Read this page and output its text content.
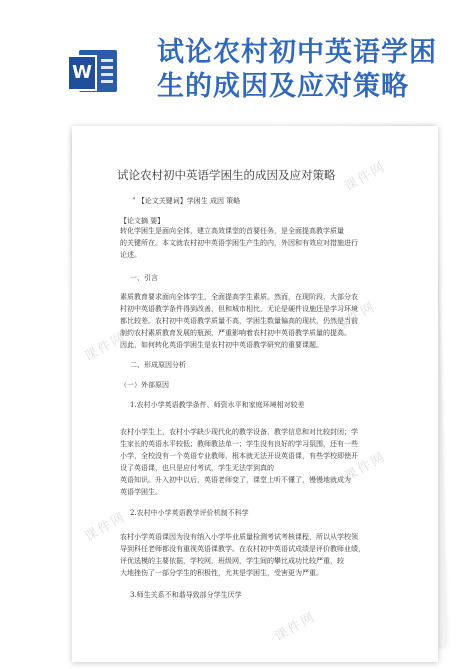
W
试论农村初中英语学困生的成因及应对策略
试论农村初中英语学困生的成因及应对策略
” 【论文关键词】学困生 成因 策略
【论文摘 要】
转化学困生是面向全体，建立高效课堂的首要任务，是全面提高教学质量
的关键所在。本文就农村初中英语学困生产生的内，外因和有效应对措施进行
论述。
一、引言
素质教育要求面向全体学生，全面提高学生素质。然而，在现阶段，大部分农
村初中英语教学条件得到改善，但和城市相比，无论是硬件设施还是学习环境
都比较差。农村初中英语教学质量不高，学困生数量偏高的现状，仍然是当前
制约农村素质教育发展的瓶颈，严重影响着农村初中英语教学质量的提高。
因此，如何转化英语学困生是农村初中英语教学研究的重要课题。
二、形成原因分析
（一）外部原因
1.农村小学英语教学条件、师资水平和家庭环境相对较差
农村小学生上，农村小学缺少现代化的教学设备，教学信息和对比较封闭；学
生家长的英语水平较低；教师教法单一；学生没有良好的学习氛围，还有一些
小学，全校没有一个英语专业教师，根本就无法开设英语课，有些学校即使开
设了英语课，也只是应付考试，学生无法学到真的
英语知识。升入初中以后，英语老师变了，课堂上听不懂了，慢慢地就成为
英语学困生。
2.农村中小学英语教学评价机制不科学
农村小学英语课因为没有纳入小学毕业质量检测考试考核课程，所以从学校领
导到科任老师都没有重视英语课教学。在农村初中英语试成绩是评价教师业绩，
评优选模的主要依据，学校网，班级网，学生间的攀比成功比较严重，较
大地挫伤了一部分学生的积极性，尤其是学困生，受害更为严重。
3.师生关系不和谐导致部分学生厌学
课件网
课件网
课件网
课件网
课件网
课件网
